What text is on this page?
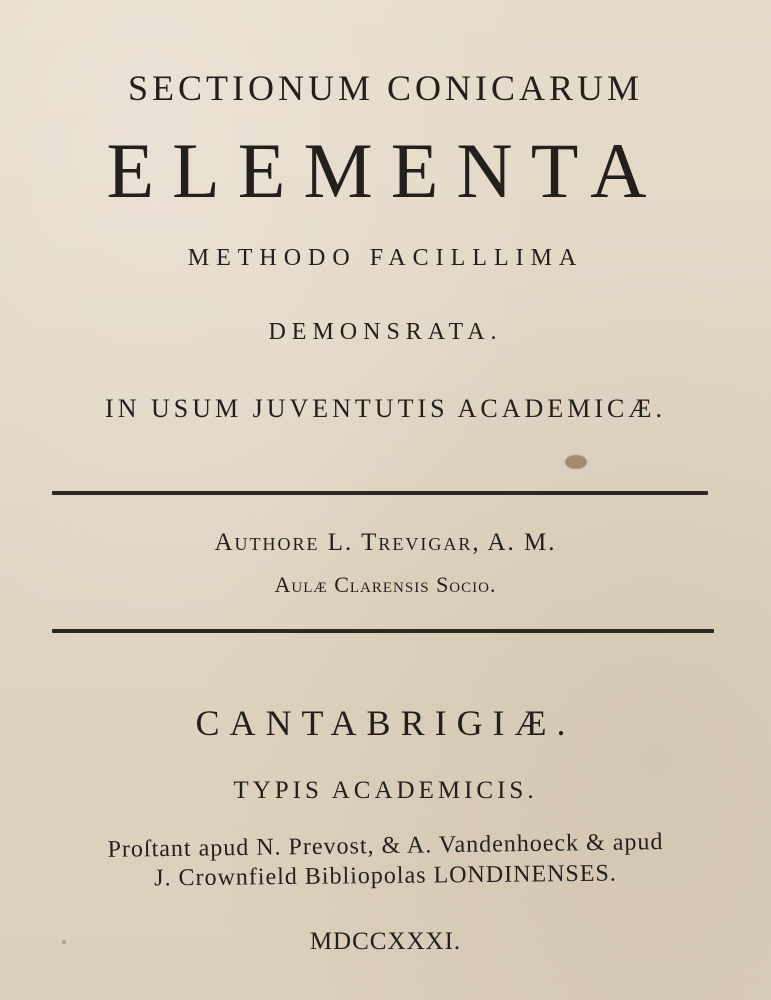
SECTIONUM CONICARUM
ELEMENTA
METHODO FACILLLIMA
DEMONSRATA.
IN USUM JUVENTUTIS ACADEMICÆ.
Authore L. Trevigar, A. M.
Aulæ Clarensis Socio.
CANTABRIGIÆ.
TYPIS ACADEMICIS.
Proſtant apud N. Prevost, & A. Vandenhoeck & apud
J. Crownfield Bibliopolas LONDINENSES.
MDCCXXXI.
